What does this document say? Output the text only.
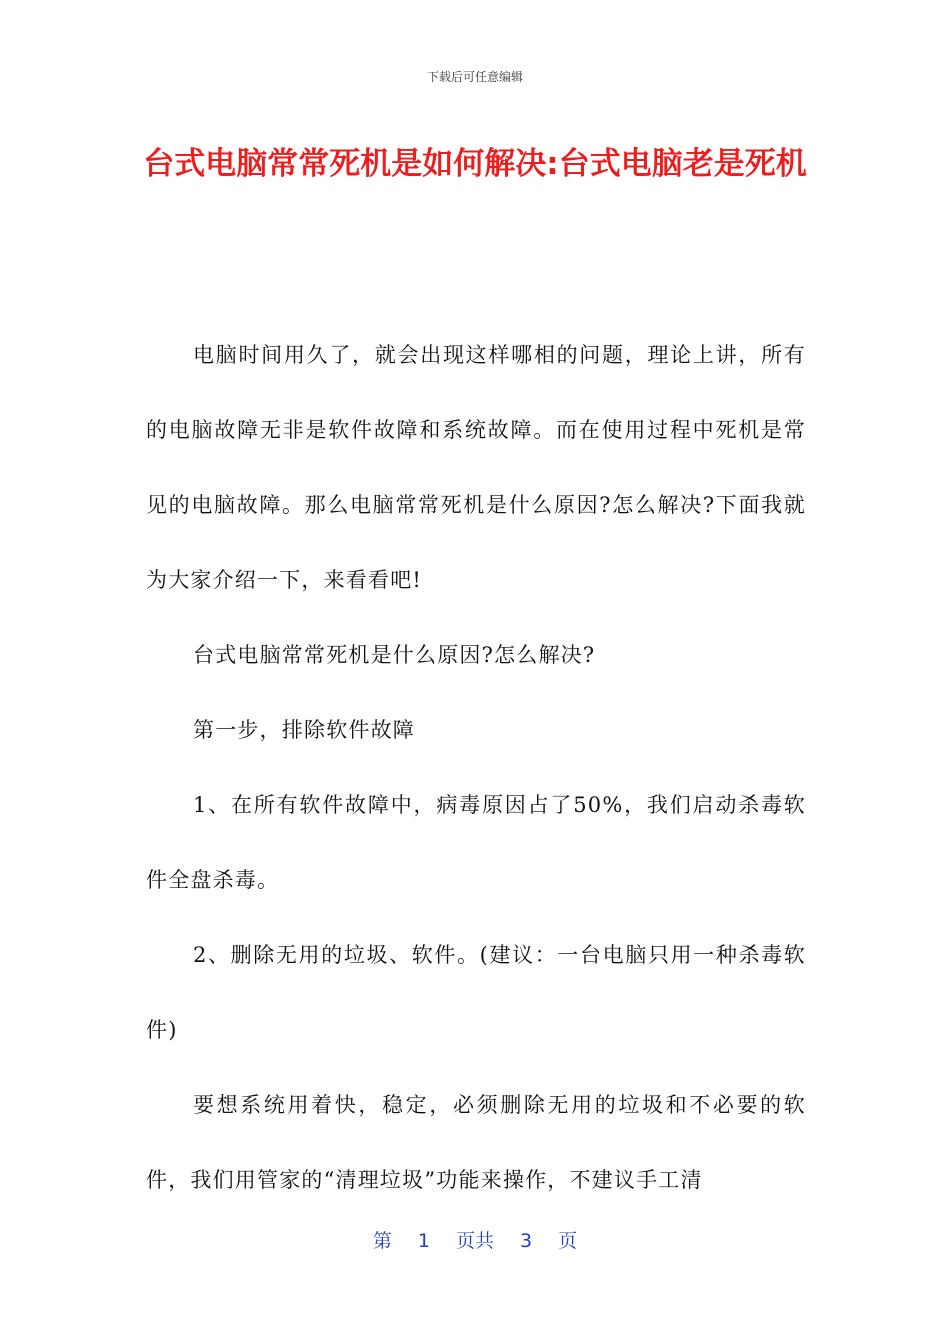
下载后可任意编辑
台式电脑常常死机是如何解决:台式电脑老是死机

电脑时间用久了，就会出现这样哪相的问题，理论上讲，所有的电脑故障无非是软件故障和系统故障。而在使用过程中死机是常见的电脑故障。那么电脑常常死机是什么原因?怎么解决?下面我就为大家介绍一下，来看看吧!

台式电脑常常死机是什么原因?怎么解决?

第一步，排除软件故障

1、在所有软件故障中，病毒原因占了50%，我们启动杀毒软件全盘杀毒。

2、删除无用的垃圾、软件。(建议：一台电脑只用一种杀毒软件)

要想系统用着快，稳定，必须删除无用的垃圾和不必要的软件，我们用管家的“清理垃圾”功能来操作，不建议手工清

第 1 页共 3 页
